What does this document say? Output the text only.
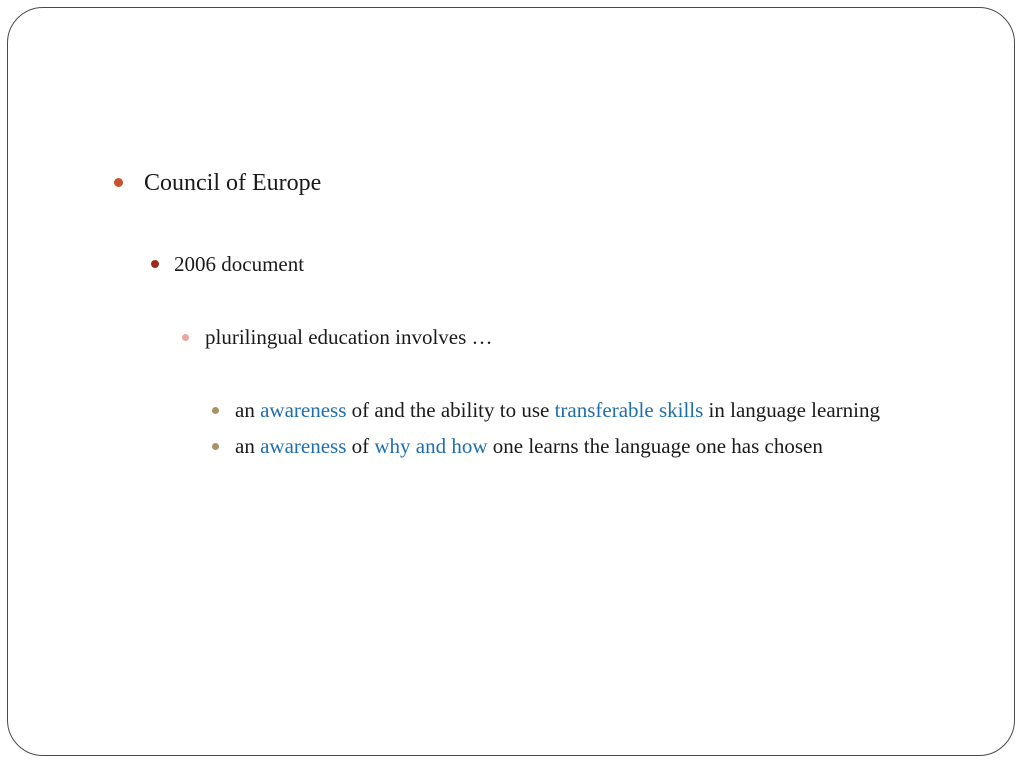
Council of Europe
2006 document
plurilingual education involves …
an awareness of and the ability to use transferable skills in language learning
an awareness of why and how one learns the language one has chosen
